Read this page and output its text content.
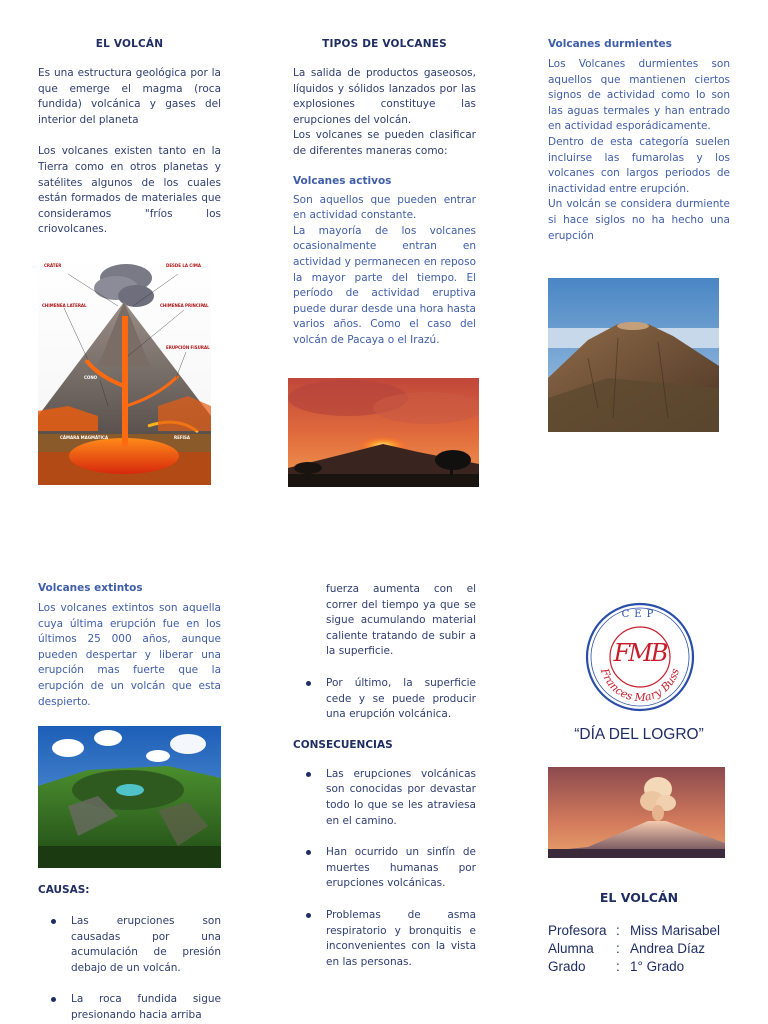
EL VOLCÁN

Es una estructura geológica por la que emerge el magma (roca fundida) volcánica y gases del interior del planeta

Los volcanes existen tanto en la Tierra como en otros planetas y satélites algunos de los cuales están formados de materiales que consideramos "fríos los criovolcanes.

CRÁTER	DESDE LA CIMA
CHIMENEA LATERAL	CHIMENEA PRINCIPAL
ERUPCIÓN FISURAL
CONO
CÁMARA MAGMÁTICA	REFISA
TIPOS DE VOLCANES

La salida de productos gaseosos, líquidos y sólidos lanzados por las explosiones constituye las erupciones del volcán.

Los volcanes se pueden clasificar de diferentes maneras como:

Volcanes activos

Son aquellos que pueden entrar en actividad constante.

La mayoría de los volcanes ocasionalmente entran en actividad y permanecen en reposo la mayor parte del tiempo. El período de actividad eruptiva puede durar desde una hora hasta varios años. Como el caso del volcán de Pacaya o el Irazú.

Volcanes durmientes

Los Volcanes durmientes son aquellos que mantienen ciertos signos de actividad como lo son las aguas termales y han entrado en actividad esporádicamente.

Dentro de esta categoría suelen incluirse las fumarolas y los volcanes con largos periodos de inactividad entre erupción.

Un volcán se considera durmiente si hace siglos no ha hecho una erupción

Volcanes extintos

Los volcanes extintos son aquella cuya última erupción fue en los últimos 25 000 años, aunque pueden despertar y liberar una erupción mas fuerte que la erupción de un volcán que esta despierto.

CAUSAS:
Las erupciones son causadas por una acumulación de presión debajo de un volcán.
La roca fundida sigue presionando hacia arriba
fuerza aumenta con el correr del tiempo ya que se sigue acumulando material caliente tratando de subir a la superficie.
Por último, la superficie cede y se puede producir una erupción volcánica.
CONSECUENCIAS
Las erupciones volcánicas son conocidas por devastar todo lo que se les atraviesa en el camino.
Han ocurrido un sinfín de muertes humanas por erupciones volcánicas.
Problemas de asma respiratorio y bronquitis e inconvenientes con la vista en las personas.
Frances Mary Buss
CEP
FMB
“DÍA DEL LOGRO”
EL VOLCÁN
Profesora : Miss Marisabel
Alumna	: Andrea Díaz
Grado	: 1° Grado
